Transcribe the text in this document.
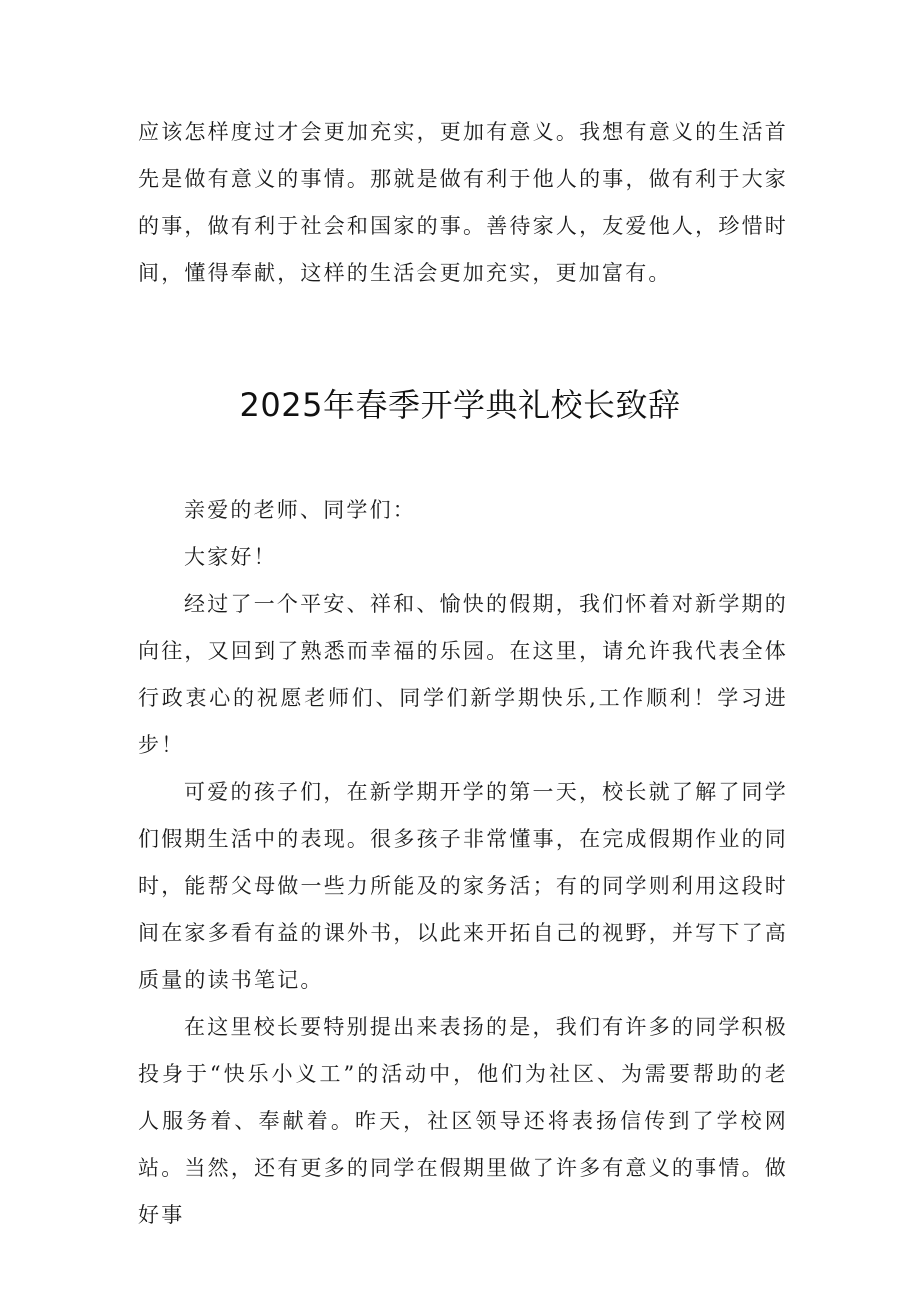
应该怎样度过才会更加充实，更加有意义。我想有意义的生活首先是做有意义的事情。那就是做有利于他人的事，做有利于大家的事，做有利于社会和国家的事。善待家人，友爱他人，珍惜时间，懂得奉献，这样的生活会更加充实，更加富有。

2025年春季开学典礼校长致辞

亲爱的老师、同学们：

大家好！

经过了一个平安、祥和、愉快的假期，我们怀着对新学期的向往，又回到了熟悉而幸福的乐园。在这里，请允许我代表全体行政衷心的祝愿老师们、同学们新学期快乐,工作顺利！学习进步！

可爱的孩子们，在新学期开学的第一天，校长就了解了同学们假期生活中的表现。很多孩子非常懂事，在完成假期作业的同时，能帮父母做一些力所能及的家务活；有的同学则利用这段时间在家多看有益的课外书，以此来开拓自己的视野，并写下了高质量的读书笔记。

在这里校长要特别提出来表扬的是，我们有许多的同学积极投身于“快乐小义工”的活动中，他们为社区、为需要帮助的老人服务着、奉献着。昨天，社区领导还将表扬信传到了学校网站。当然，还有更多的同学在假期里做了许多有意义的事情。做好事
